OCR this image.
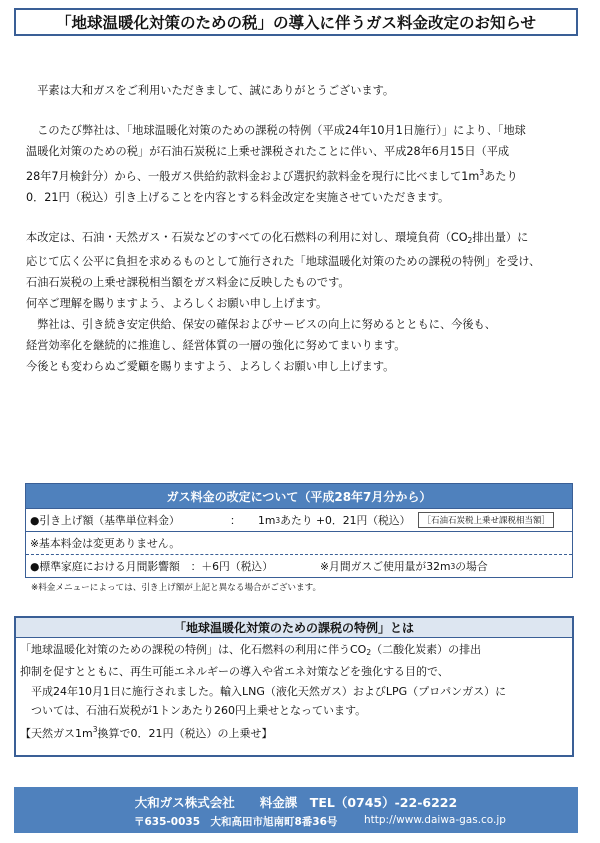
「地球温暖化対策のための税」の導入に伴うガス料金改定のお知らせ

　平素は大和ガスをご利用いただきまして、誠にありがとうございます。

　このたび弊社は、「地球温暖化対策のための課税の特例（平成24年10月1日施行）」により、「地球

温暖化対策のための税」が石油石炭税に上乗せ課税されたことに伴い、平成28年6月15日（平成

28年7月検針分）から、一般ガス供給約款料金および選択約款料金を現行に比べまして$1m^3$あたり

0．21円（税込）引き上げることを内容とする料金改定を実施させていただきます。

本改定は、石油・天然ガス・石炭などのすべての化石燃料の利用に対し、環境負荷（$CO_2$排出量）に

応じて広く公平に負担を求めるものとして施行された「地球温暖化対策のための課税の特例」を受け、

石油石炭税の上乗せ課税相当額をガス料金に反映したものです。

何卒ご理解を賜りますよう、よろしくお願い申し上げます。

　弊社は、引き続き安定供給、保安の確保およびサービスの向上に努めるとともに、今後も、

経営効率化を継続的に推進し、経営体質の一層の強化に努めてまいります。

今後とも変わらぬご愛顧を賜りますよう、よろしくお願い申し上げます。

ガス料金の改定について（平成28年7月分から）
●引き上げ額（基準単位料金）	：	1m 3 あたり +0．21円（税込）	［石油石炭税上乗せ課税相当額］
※基本料金は変更ありません。
●標準家庭における月間影響額　：＋6円（税込）	※月間ガスご使用量が32m 3 の場合
※料金メニューによっては、引き上げ額が上記と異なる場合がございます。
「地球温暖化対策のための課税の特例」とは

「地球温暖化対策のための課税の特例」は、化石燃料の利用に伴う$CO_2$（二酸化炭素）の排出

抑制を促すとともに、再生可能エネルギーの導入や省エネ対策などを強化する目的で、

　平成24年10月1日に施行されました。輸入LNG（液化天然ガス）およびLPG（プロパンガス）に

　ついては、石油石炭税が1トンあたり260円上乗せとなっています。

【天然ガス$1m^3$換算で0．21円（税込）の上乗せ】

大和ガス株式会社　　料金課　TEL（0745）-22-6222
〒635-0035　大和高田市旭南町8番36号	http://www.daiwa-gas.co.jp
